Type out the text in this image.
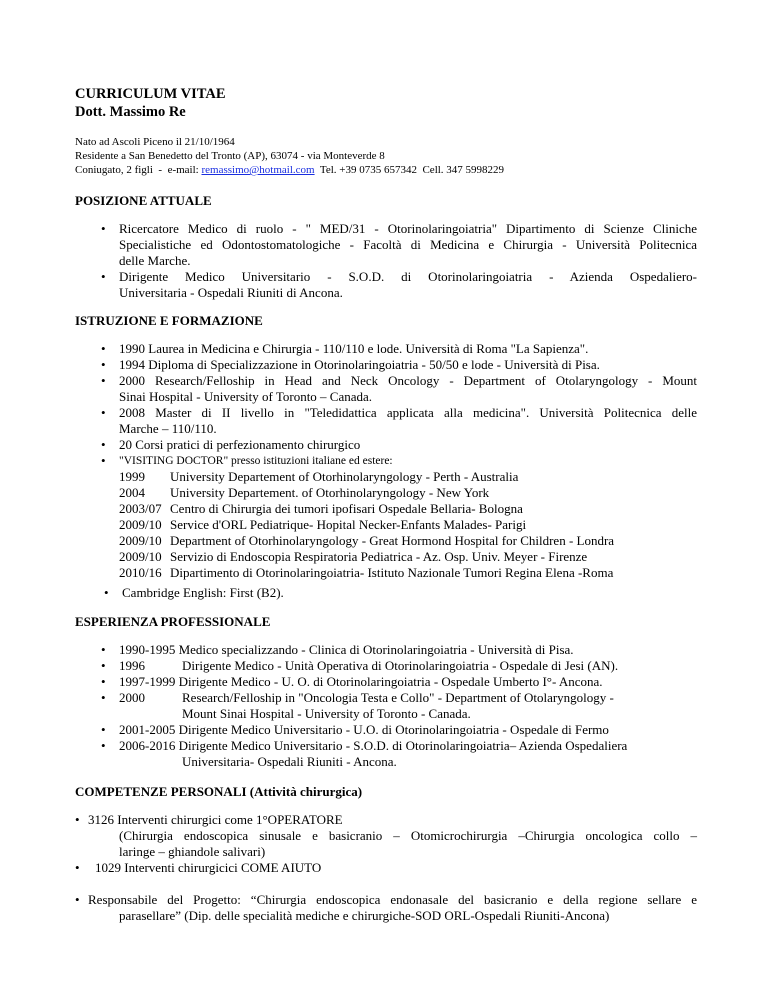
CURRICULUM VITAE
Dott. Massimo Re
Nato ad Ascoli Piceno il 21/10/1964
Residente a San Benedetto del Tronto (AP), 63074 - via Monteverde 8
Coniugato, 2 figli  -  e-mail: remassimo@hotmail.com  Tel. +39 0735 657342  Cell. 347 5998229
POSIZIONE ATTUALE
• Ricercatore Medico di ruolo - " MED/31 - Otorinolaringoiatria" Dipartimento di Scienze Cliniche
Specialistiche ed Odontostomatologiche - Facoltà di Medicina e Chirurgia - Università Politecnica
delle Marche.
• Dirigente Medico Universitario - S.O.D. di Otorinolaringoiatria - Azienda Ospedaliero-
Universitaria - Ospedali Riuniti di Ancona.
ISTRUZIONE E FORMAZIONE
• 1990 Laurea in Medicina e Chirurgia - 110/110 e lode. Università di Roma "La Sapienza".
• 1994 Diploma di Specializzazione in Otorinolaringoiatria - 50/50 e lode - Università di Pisa.
• 2000 Research/Felloship in Head and Neck Oncology - Department of Otolaryngology - Mount
Sinai Hospital - University of Toronto – Canada.
• 2008 Master di II livello in "Teledidattica applicata alla medicina". Università Politecnica delle
Marche – 110/110.
• 20 Corsi pratici di perfezionamento chirurgico
• "VISITING DOCTOR" presso istituzioni italiane ed estere:
1999 University Departement of Otorhinolaryngology - Perth - Australia
2004 University Departement. of Otorhinolaryngology - New York
2003/07 Centro di Chirurgia dei tumori ipofisari Ospedale Bellaria- Bologna
2009/10 Service d'ORL Pediatrique- Hopital Necker-Enfants Malades- Parigi
2009/10 Department of Otorhinolaryngology - Great Hormond Hospital for Children - Londra
2009/10 Servizio di Endoscopia Respiratoria Pediatrica - Az. Osp. Univ. Meyer - Firenze
2010/16 Dipartimento di Otorinolaringoiatria- Istituto Nazionale Tumori Regina Elena -Roma
• Cambridge English: First (B2).
ESPERIENZA PROFESSIONALE
• 1990-1995 Medico specializzando - Clinica di Otorinolaringoiatria - Università di Pisa.
• 1996	Dirigente Medico - Unità Operativa di Otorinolaringoiatria - Ospedale di Jesi (AN).
• 1997-1999 Dirigente Medico - U. O. di Otorinolaringoiatria - Ospedale Umberto I°- Ancona.
• 2000	Research/Felloship in "Oncologia Testa e Collo" - Department of Otolaryngology -
Mount Sinai Hospital - University of Toronto - Canada.
• 2001-2005 Dirigente Medico Universitario - U.O. di Otorinolaringoiatria - Ospedale di Fermo
• 2006-2016 Dirigente Medico Universitario - S.O.D. di Otorinolaringoiatria– Azienda Ospedaliera
Universitaria- Ospedali Riuniti - Ancona.
COMPETENZE PERSONALI (Attività chirurgica)
• 3126 Interventi chirurgici come 1°OPERATORE
(Chirurgia endoscopica sinusale e basicranio – Otomicrochirurgia –Chirurgia oncologica collo –
laringe – ghiandole salivari)
• 1029 Interventi chirurgicici COME AIUTO
• Responsabile del Progetto: “Chirurgia endoscopica endonasale del basicranio e della regione sellare e
parasellare” (Dip. delle specialità mediche e chirurgiche-SOD ORL-Ospedali Riuniti-Ancona)
